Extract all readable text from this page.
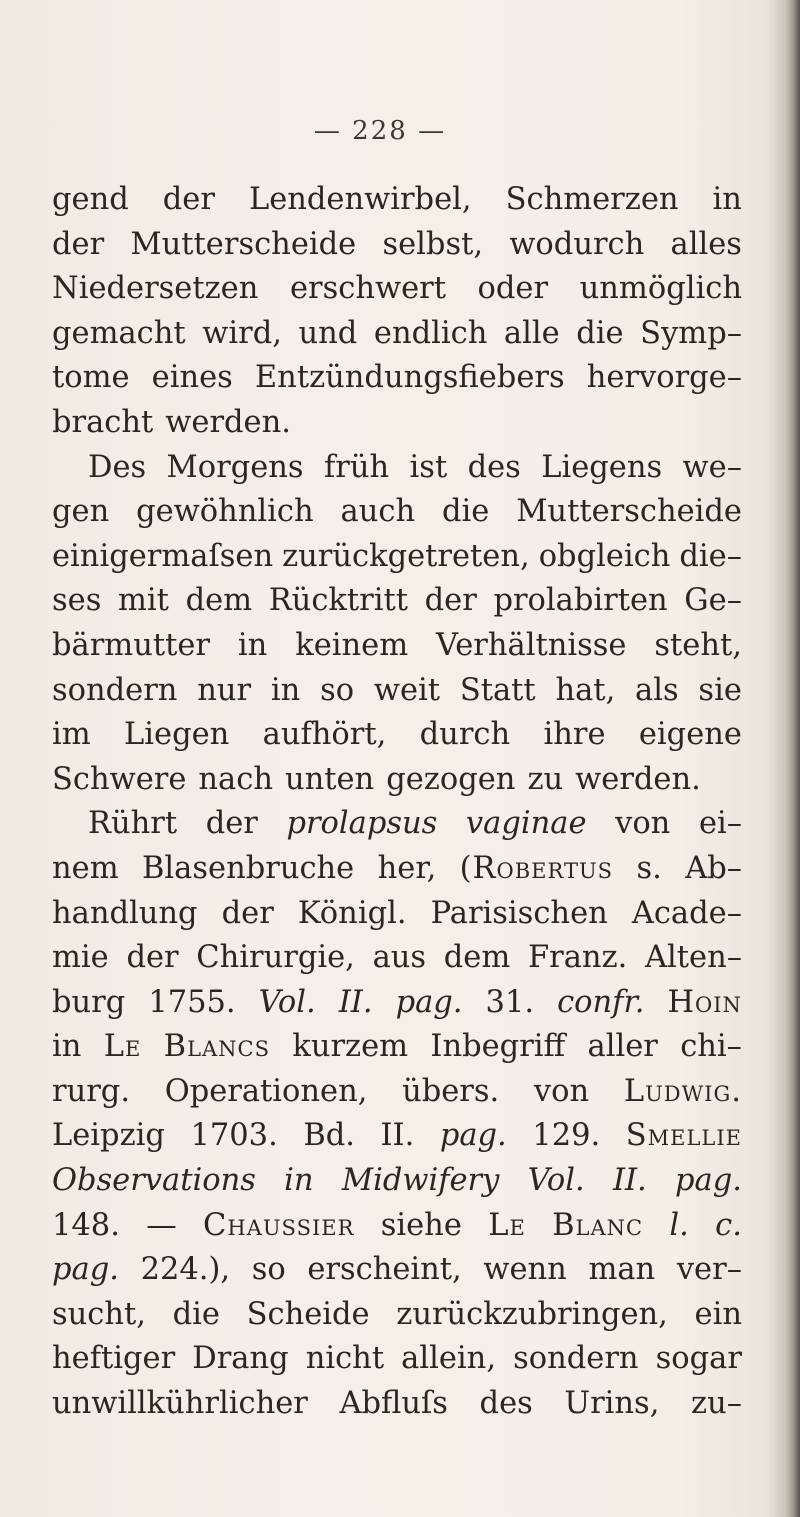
— 228 —
gend der Lendenwirbel, Schmerzen in
der Mutterscheide selbst, wodurch alles
Niedersetzen erschwert oder unmöglich
gemacht wird, und endlich alle die Symp–
tome eines Entzündungsfiebers hervorge–
bracht werden.
Des Morgens früh ist des Liegens we–
gen gewöhnlich auch die Mutterscheide
einigermaſsen zurückgetreten, obgleich die–
ses mit dem Rücktritt der prolabirten Ge–
bärmutter in keinem Verhältnisse steht,
sondern nur in so weit Statt hat, als sie
im Liegen aufhört, durch ihre eigene
Schwere nach unten gezogen zu werden.
Rührt der prolapsus vaginae von ei–
nem Blasenbruche her, (Robertus s. Ab–
handlung der Königl. Parisischen Acade–
mie der Chirurgie, aus dem Franz. Alten–
burg 1755. Vol. II. pag. 31. confr. Hoin
in Le Blancs kurzem Inbegriff aller chi–
rurg. Operationen, übers. von Ludwig.
Leipzig 1703. Bd. II. pag. 129. Smellie
Observations in Midwifery Vol. II. pag.
148. — Chaussier siehe Le Blanc l. c.
pag. 224.), so erscheint, wenn man ver–
sucht, die Scheide zurückzubringen, ein
heftiger Drang nicht allein, sondern sogar
unwillkührlicher Abfluſs des Urins, zu–
